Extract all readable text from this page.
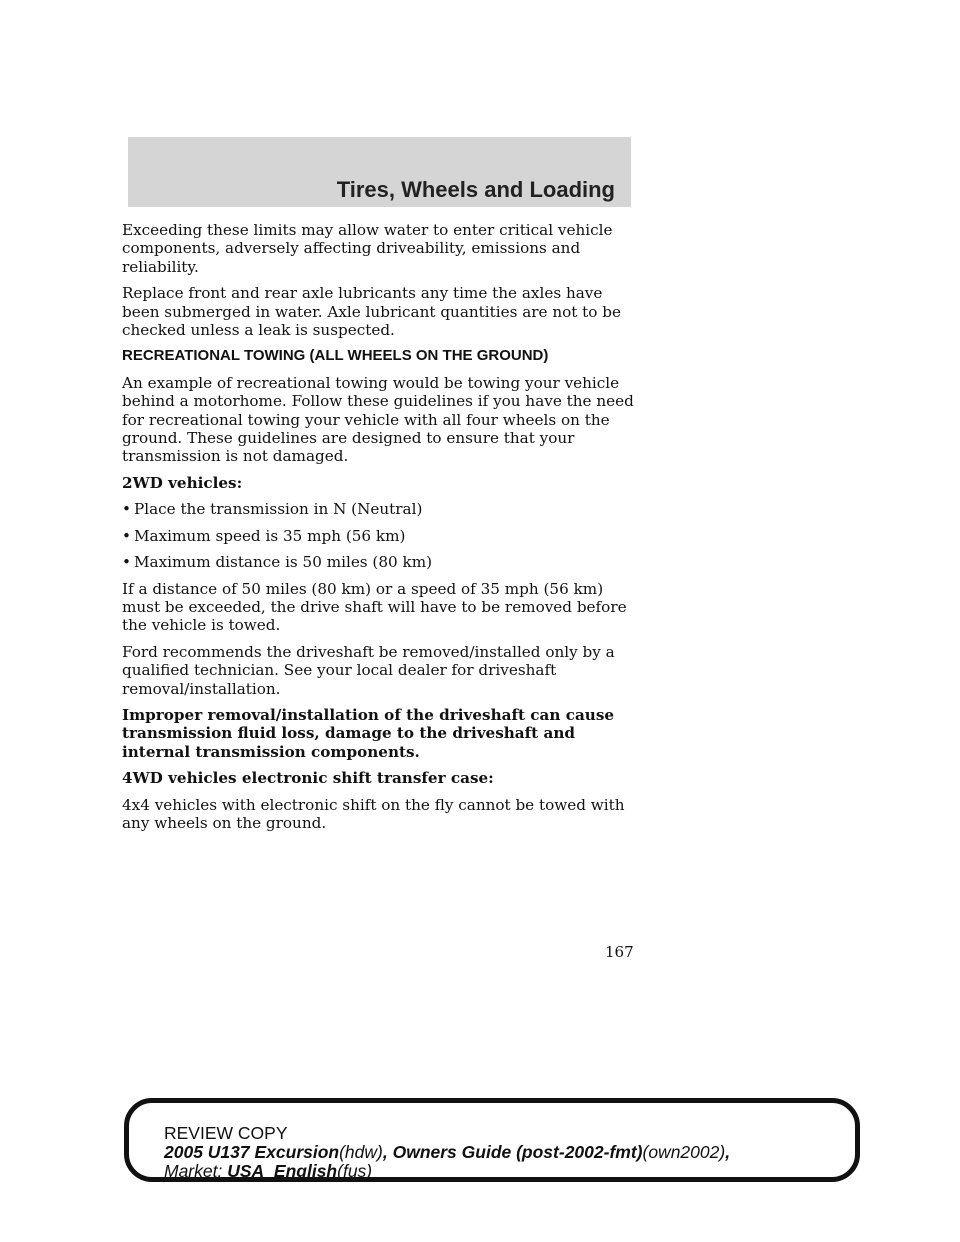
Tires, Wheels and Loading

Exceeding these limits may allow water to enter critical vehicle components, adversely affecting driveability, emissions and reliability.

Replace front and rear axle lubricants any time the axles have been submerged in water. Axle lubricant quantities are not to be checked unless a leak is suspected.

RECREATIONAL TOWING (ALL WHEELS ON THE GROUND)

An example of recreational towing would be towing your vehicle behind a motorhome. Follow these guidelines if you have the need for recreational towing your vehicle with all four wheels on the ground. These guidelines are designed to ensure that your transmission is not damaged.

2WD vehicles:

• Place the transmission in N (Neutral)
• Maximum speed is 35 mph (56 km)
• Maximum distance is 50 miles (80 km)

If a distance of 50 miles (80 km) or a speed of 35 mph (56 km) must be exceeded, the drive shaft will have to be removed before the vehicle is towed.

Ford recommends the driveshaft be removed/installed only by a qualified technician. See your local dealer for driveshaft removal/installation.

Improper removal/installation of the driveshaft can cause transmission fluid loss, damage to the driveshaft and internal transmission components.

4WD vehicles electronic shift transfer case:

4x4 vehicles with electronic shift on the fly cannot be towed with any wheels on the ground.

167
REVIEW COPY
2005 U137 Excursion(hdw), Owners Guide (post-2002-fmt)(own2002),
Market: USA_English(fus)
